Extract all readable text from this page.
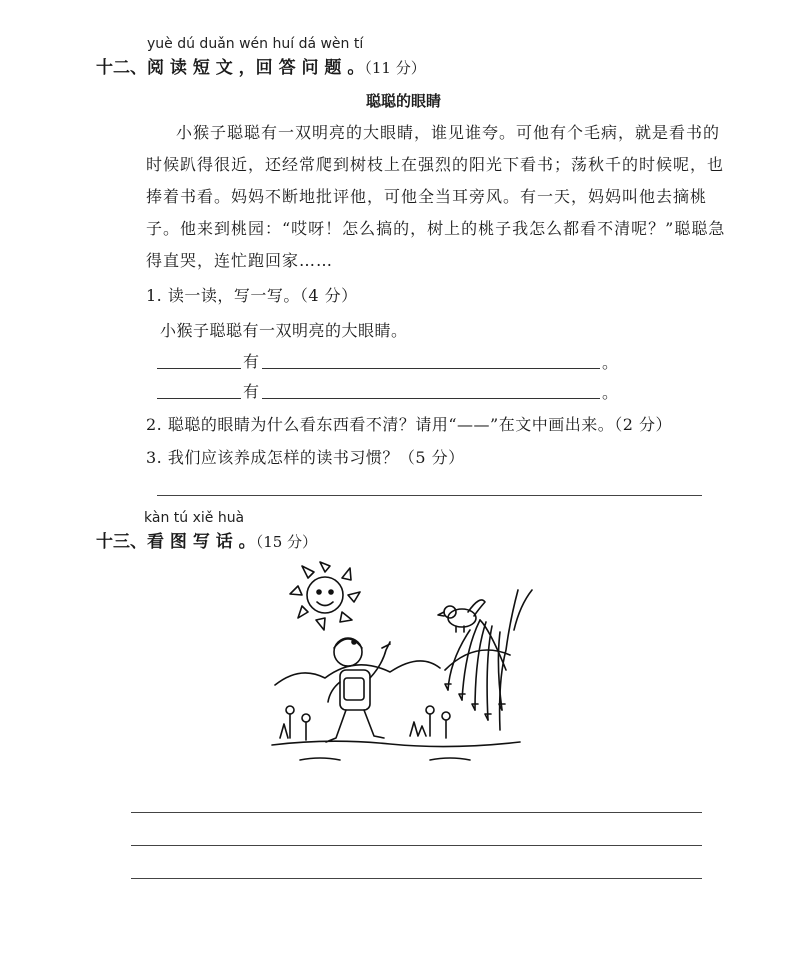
yuè dú duǎn wén huí dá wèn tí
十二、阅 读 短 文 ，回 答 问 题 。（11 分）
聪聪的眼睛
小猴子聪聪有一双明亮的大眼睛，谁见谁夸。可他有个毛病，就是看书的
时候趴得很近，还经常爬到树枝上在强烈的阳光下看书；荡秋千的时候呢，也
捧着书看。妈妈不断地批评他，可他全当耳旁风。有一天，妈妈叫他去摘桃
子。他来到桃园：“哎呀！怎么搞的，树上的桃子我怎么都看不清呢？”聪聪急
得直哭，连忙跑回家……
1. 读一读，写一写。（4 分）
小猴子聪聪有一双明亮的大眼睛。
有	。
有	。
2. 聪聪的眼睛为什么看东西看不清？请用“——”在文中画出来。（2 分）
3. 我们应该养成怎样的读书习惯？（5 分）
kàn tú xiě huà
十三、看 图 写 话 。（15 分）
